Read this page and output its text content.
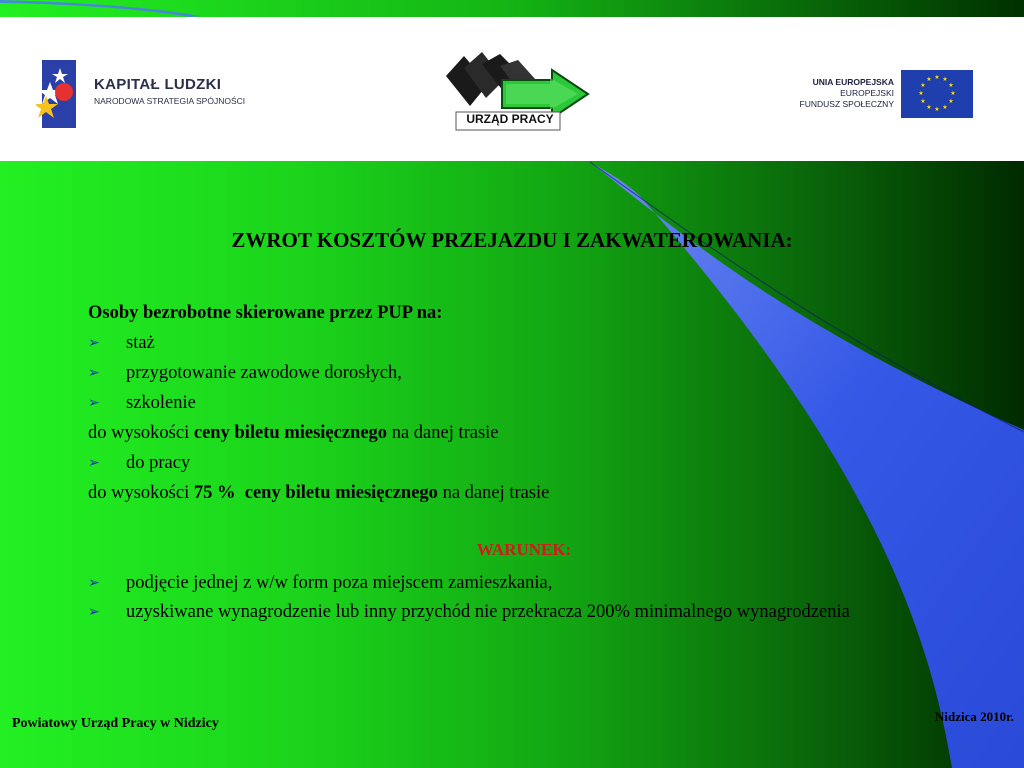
KAPITAŁ LUDZKI
NARODOWA STRATEGIA SPÓJNOŚCI
URZĄD PRACY
UNIA EUROPEJSKA
EUROPEJSKI
FUNDUSZ SPOŁECZNY
★ ★
★
★
★
★
★
★
★
★
★
★
ZWROT KOSZTÓW PRZEJAZDU I ZAKWATEROWANIA:
Osoby bezrobotne skierowane przez PUP na:
➢ staż
➢ przygotowanie zawodowe dorosłych,
➢ szkolenie
do wysokości ceny biletu miesięcznego na danej trasie
➢ do pracy
do wysokości 75 %  ceny biletu miesięcznego na danej trasie
WARUNEK:
➢ podjęcie jednej z w/w form poza miejscem zamieszkania,
➢ uzyskiwane wynagrodzenie lub inny przychód nie przekracza 200% minimalnego wynagrodzenia
Powiatowy Urząd Pracy w Nidzicy	Nidzica 2010r.
